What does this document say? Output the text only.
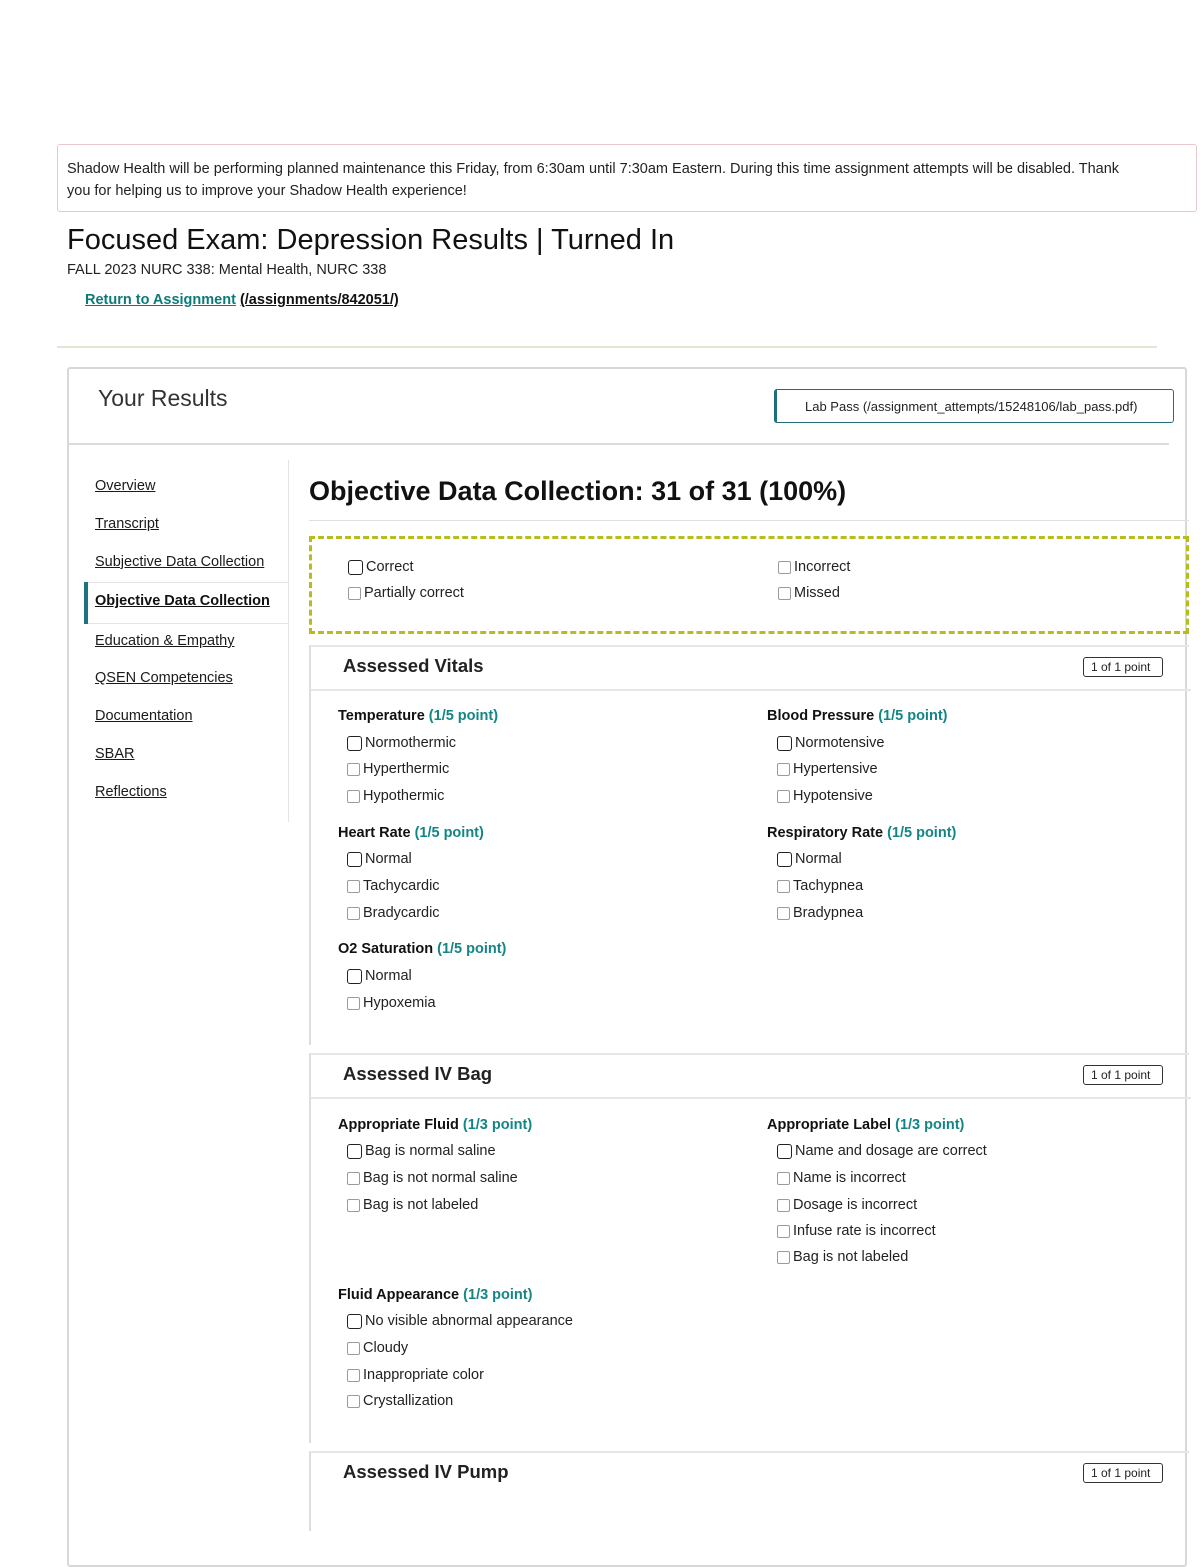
Shadow Health will be performing planned maintenance this Friday, from 6:30am until 7:30am Eastern. During this time assignment attempts will be disabled. Thank
you for helping us to improve your Shadow Health experience!
Focused Exam: Depression Results | Turned In
FALL 2023 NURC 338: Mental Health, NURC 338
Return to Assignment (/assignments/842051/)
Your Results	Lab Pass (/assignment_attempts/15248106/lab_pass.pdf)
Overview
Transcript
Subjective Data Collection
Objective Data Collection
Education & Empathy
QSEN Competencies
Documentation
SBAR
Reflections
Objective Data Collection: 31 of 31 (100%)
Correct
Partially correct
Incorrect
Missed
Assessed Vitals	1 of 1 point
Temperature (1/5 point)
Normothermic
Hyperthermic
Hypothermic
Blood Pressure (1/5 point)
Normotensive
Hypertensive
Hypotensive
Heart Rate (1/5 point)
Normal
Tachycardic
Bradycardic
Respiratory Rate (1/5 point)
Normal
Tachypnea
Bradypnea
O2 Saturation (1/5 point)
Normal
Hypoxemia
Assessed IV Bag	1 of 1 point
Appropriate Fluid (1/3 point)
Bag is normal saline
Bag is not normal saline
Bag is not labeled
Appropriate Label (1/3 point)
Name and dosage are correct
Name is incorrect
Dosage is incorrect
Infuse rate is incorrect
Bag is not labeled
Fluid Appearance (1/3 point)
No visible abnormal appearance
Cloudy
Inappropriate color
Crystallization
Assessed IV Pump	1 of 1 point
